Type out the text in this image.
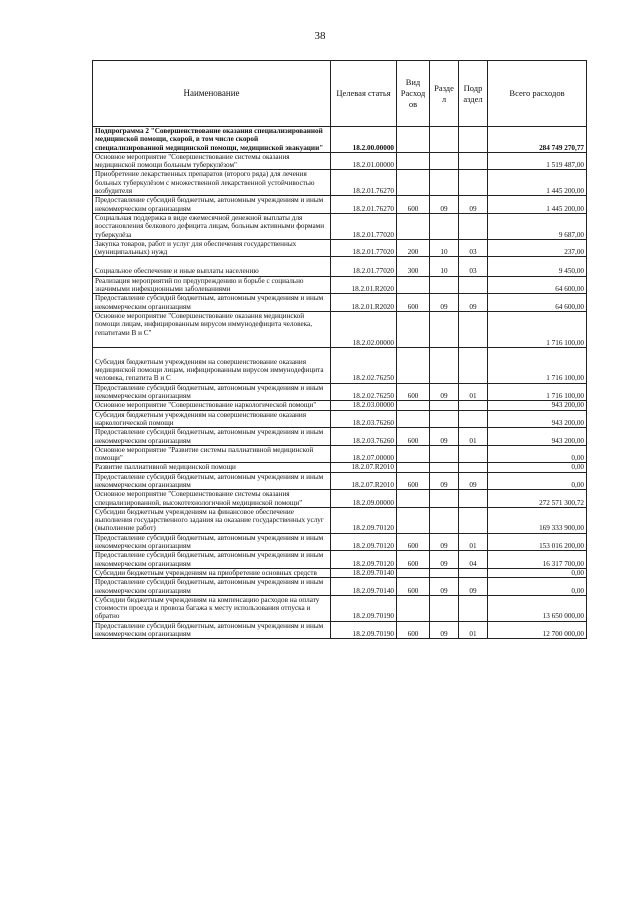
38
Наименование	Целевая статья	Вид Расход ов	Разде л	Подр аздел	Всего расходов
Подпрограмма 2 "Совершенствование оказания специализированной медицинской помощи, скорой, в том числе скорой специализированной медицинской помощи, медицинской эвакуации"	18.2.00.00000				284 749 270,77
Основное мероприятие "Совершенствование системы оказания медицинской помощи больным туберкулёзом"	18.2.01.00000				1 519 487,00
Приобретение лекарственных препаратов (второго ряда) для лечения больных туберкулёзом с множественной лекарственной устойчивостью возбудителя	18.2.01.76270				1 445 200,00
Предоставление субсидий бюджетным, автономным учреждениям и иным некоммерческим организациям	18.2.01.76270	600	09	09	1 445 200,00
Социальная поддержка в виде ежемесячной денежной выплаты для восстановления белкового дефицита лицам, больным активными формами туберкулёза	18.2.01.77020				9 687,00
Закупка товаров, работ и услуг для обеспечения государственных (муниципальных) нужд	18.2.01.77020	200	10	03	237,00
Социальное обеспечение и иные выплаты населению	18.2.01.77020	300	10	03	9 450,00
Реализация мероприятий по предупреждению и борьбе с социально значимыми инфекционными заболеваниями	18.2.01.R2020				64 600,00
Предоставление субсидий бюджетным, автономным учреждениям и иным некоммерческим организациям	18.2.01.R2020	600	09	09	64 600,00
Основное мероприятие "Совершенствование оказания медицинской помощи лицам, инфицированным вирусом иммунодефицита человека, гепатитами В и С"	18.2.02.00000				1 716 100,00
Субсидия бюджетным учреждениям на совершенствование оказания медицинской помощи лицам, инфицированным вирусом иммунодефицита человека, гепатита В и С	18.2.02.76250				1 716 100,00
Предоставление субсидий бюджетным, автономным учреждениям и иным некоммерческим организациям	18.2.02.76250	600	09	01	1 716 100,00
Основное мероприятие "Совершенствование наркологической помощи"	18.2.03.00000				943 200,00
Субсидия бюджетным учреждениям на совершенствование оказания наркологической помощи	18.2.03.76260				943 200,00
Предоставление субсидий бюджетным, автономным учреждениям и иным некоммерческим организациям	18.2.03.76260	600	09	01	943 200,00
Основное мероприятие "Развитие системы паллиативной медицинской помощи"	18.2.07.00000				0,00
Развитие паллиативной медицинской помощи	18.2.07.R2010				0,00
Предоставление субсидий бюджетным, автономным учреждениям и иным некоммерческим организациям	18.2.07.R2010	600	09	09	0,00
Основное мероприятие "Совершенствование системы оказания специализированной, высокотехнологичной медицинской помощи"	18.2.09.00000				272 571 300,72
Субсидии бюджетным учреждениям на финансовое обеспечение выполнения государственного задания на оказание государственных услуг (выполнение работ)	18.2.09.70120				169 333 900,00
Предоставление субсидий бюджетным, автономным учреждениям и иным некоммерческим организациям	18.2.09.70120	600	09	01	153 016 200,00
Предоставление субсидий бюджетным, автономным учреждениям и иным некоммерческим организациям	18.2.09.70120	600	09	04	16 317 700,00
Субсидии бюджетным учреждениям на приобретение основных средств	18.2.09.70140				0,00
Предоставление субсидий бюджетным, автономным учреждениям и иным некоммерческим организациям	18.2.09.70140	600	09	09	0,00
Субсидии бюджетным учреждениям на компенсацию расходов на оплату стоимости проезда и провоза багажа к месту использования отпуска и обратно	18.2.09.70190				13 650 000,00
Предоставление субсидий бюджетным, автономным учреждениям и иным некоммерческим организациям	18.2.09.70190	600	09	01	12 700 000,00
